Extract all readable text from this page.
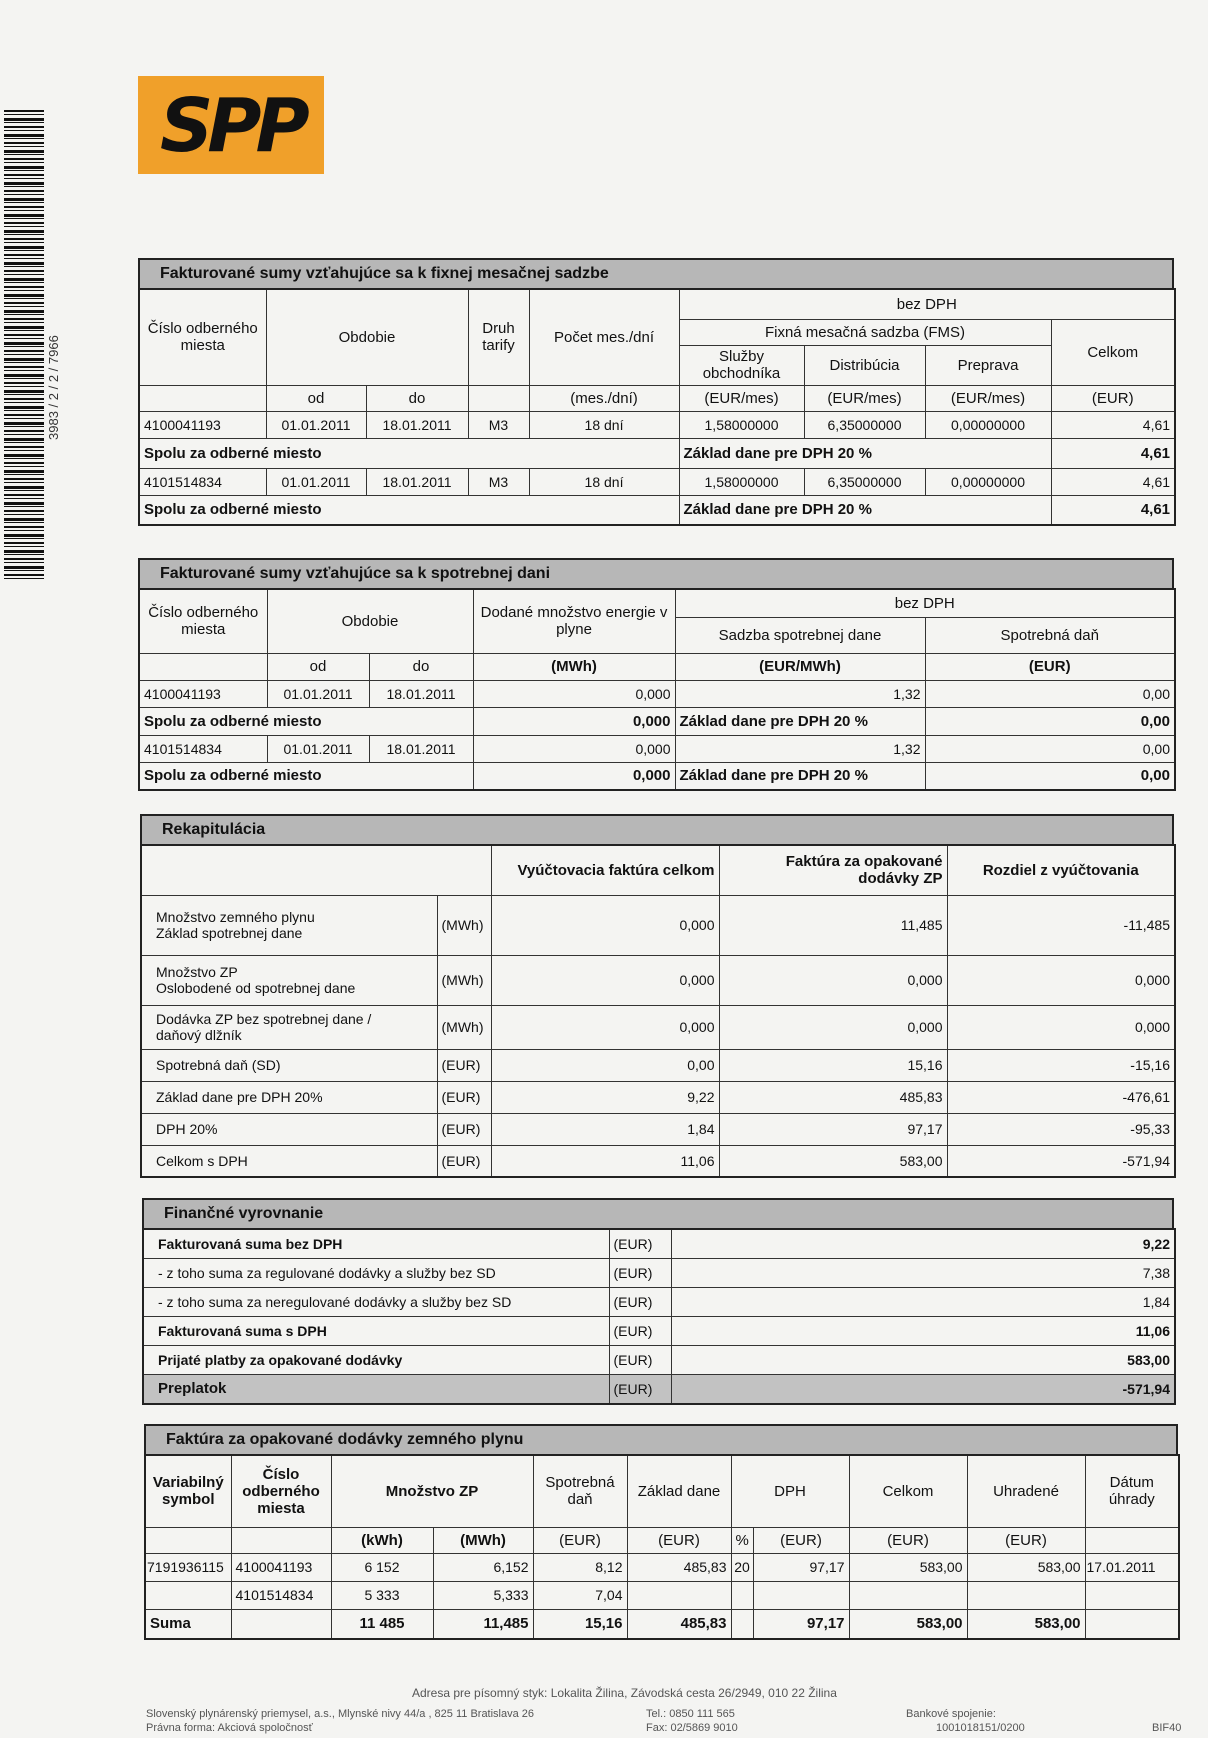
SPP
3983 / 2 / 2 / 7966
Fakturované sumy vzťahujúce sa k fixnej mesačnej sadzbe
Číslo odberného miesta	Obdobie		Druh tarify	Počet mes./dní	bez DPH			
					Fixná mesačná sadzba (FMS)			Celkom
					Služby obchodníka	Distribúcia	Preprava	
	od	do		(mes./dní)	(EUR/mes)	(EUR/mes)	(EUR/mes)	(EUR)
4100041193	01.01.2011	18.01.2011	M3	18 dní	1,58000000	6,35000000	0,00000000	4,61
Spolu za odberné miesto					Základ dane pre DPH 20 %			4,61
4101514834	01.01.2011	18.01.2011	M3	18 dní	1,58000000	6,35000000	0,00000000	4,61
Spolu za odberné miesto					Základ dane pre DPH 20 %			4,61
Fakturované sumy vzťahujúce sa k spotrebnej dani
Číslo odberného miesta	Obdobie		Dodané množstvo energie v plyne	bez DPH	
				Sadzba spotrebnej dane	Spotrebná daň
	od	do	(MWh)	(EUR/MWh)	(EUR)
4100041193	01.01.2011	18.01.2011	0,000	1,32	0,00
Spolu za odberné miesto			0,000	Základ dane pre DPH 20 %	0,00
4101514834	01.01.2011	18.01.2011	0,000	1,32	0,00
Spolu za odberné miesto			0,000	Základ dane pre DPH 20 %	0,00
Rekapitulácia
		Vyúčtovacia faktúra celkom	Faktúra za opakované dodávky ZP	Rozdiel z vyúčtovania

Množstvo zemného plynu
Základ spotrebnej dane	(MWh)	0,000	11,485	-11,485

Množstvo ZP
Oslobodené od spotrebnej dane	(MWh)	0,000	0,000	0,000

Dodávka ZP bez spotrebnej dane /
daňový dlžník	(MWh)	0,000	0,000	0,000
Spotrebná daň (SD)	(EUR)	0,00	15,16	-15,16
Základ dane pre DPH 20%	(EUR)	9,22	485,83	-476,61
DPH 20%	(EUR)	1,84	97,17	-95,33
Celkom s DPH	(EUR)	11,06	583,00	-571,94
Finančné vyrovnanie
Fakturovaná suma bez DPH	(EUR)	9,22
- z toho suma za regulované dodávky a služby bez SD	(EUR)	7,38
- z toho suma za neregulované dodávky a služby bez SD	(EUR)	1,84
Fakturovaná suma s DPH	(EUR)	11,06
Prijaté platby za opakované dodávky	(EUR)	583,00
Preplatok	(EUR)	-571,94
Faktúra za opakované dodávky zemného plynu
Variabilný symbol	Číslo odberného miesta	Množstvo ZP		Spotrebná daň	Základ dane	DPH		Celkom	Uhradené	Dátum úhrady
		(kWh)	(MWh)	(EUR)	(EUR)	%	(EUR)	(EUR)	(EUR)	
7191936115	4100041193	6 152	6,152	8,12	485,83	20	97,17	583,00	583,00	17.01.2011
	4101514834	5 333	5,333	7,04						
Suma		11 485	11,485	15,16	485,83		97,17	583,00	583,00	
Adresa pre písomný styk: Lokalita Žilina, Závodská cesta 26/2949, 010 22 Žilina
Slovenský plynárenský priemysel, a.s., Mlynské nivy 44/a , 825 11 Bratislava 26
Právna forma: Akciová spoločnosť
Tel.: 0850 111 565
Fax: 02/5869 9010
Bankové spojenie:
1001018151/0200	BIF40
